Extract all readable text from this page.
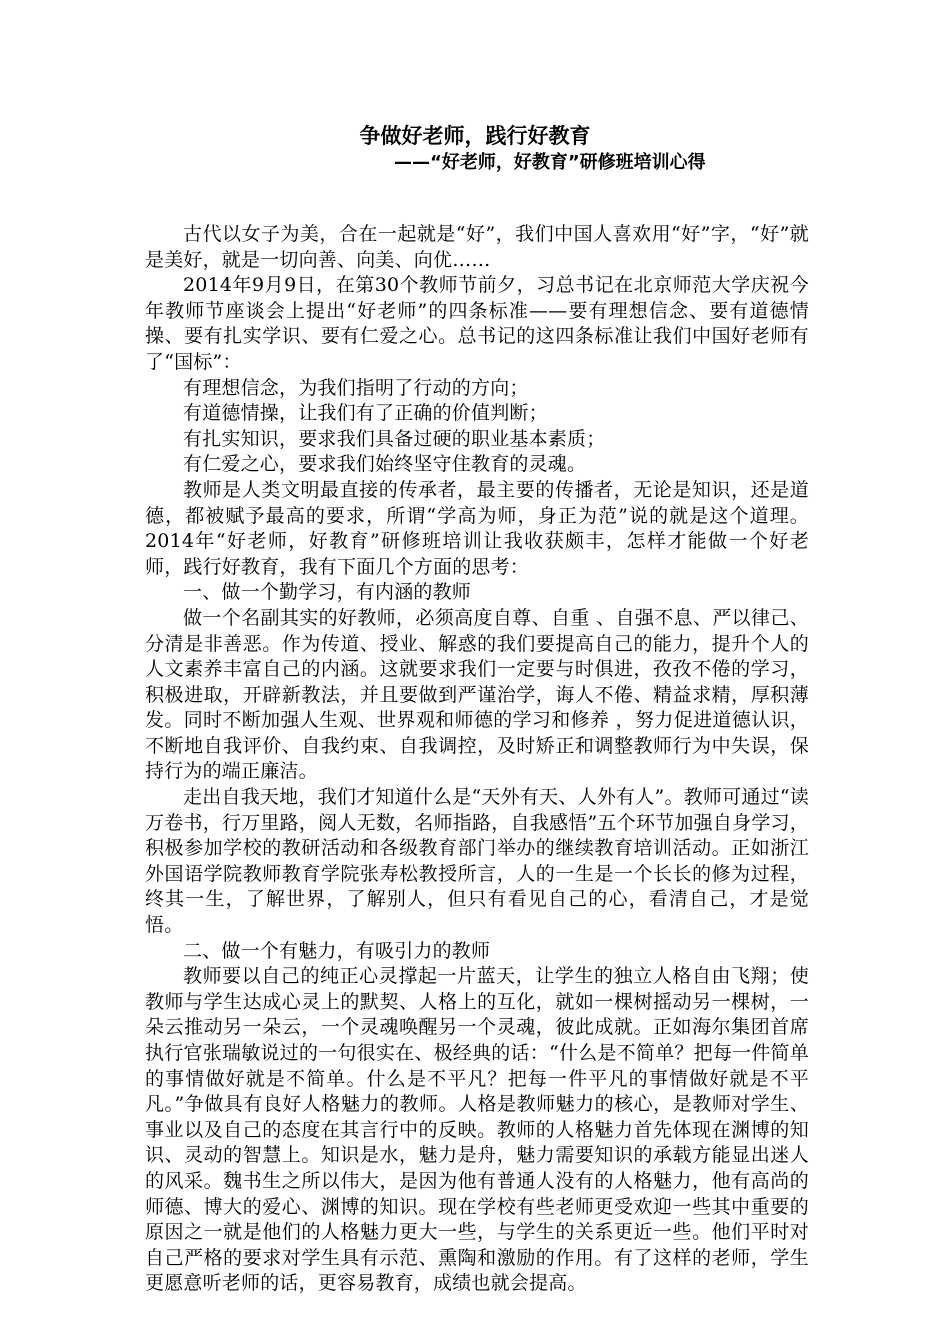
争做好老师，践行好教育
——“好老师，好教育”研修班培训心得

古代以女子为美，合在一起就是“好”，我们中国人喜欢用“好”字，“好”就是美好，就是一切向善、向美、向优……

2014年9月9日，在第30个教师节前夕，习总书记在北京师范大学庆祝今年教师节座谈会上提出“好老师”的四条标准——要有理想信念、要有道德情操、要有扎实学识、要有仁爱之心。总书记的这四条标准让我们中国好老师有了“国标”：

有理想信念，为我们指明了行动的方向；

有道德情操，让我们有了正确的价值判断；

有扎实知识，要求我们具备过硬的职业基本素质；

有仁爱之心，要求我们始终坚守住教育的灵魂。

教师是人类文明最直接的传承者，最主要的传播者，无论是知识，还是道德，都被赋予最高的要求，所谓“学高为师，身正为范”说的就是这个道理。2014年“好老师，好教育”研修班培训让我收获颇丰，怎样才能做一个好老师，践行好教育，我有下面几个方面的思考：

一、做一个勤学习，有内涵的教师

做一个名副其实的好教师，必须高度自尊、自重 、自强不息、严以律己、分清是非善恶。作为传道、授业、解惑的我们要提高自己的能力，提升个人的人文素养丰富自己的内涵。这就要求我们一定要与时俱进，孜孜不倦的学习，积极进取，开辟新教法，并且要做到严谨治学，诲人不倦、精益求精，厚积薄发。同时不断加强人生观、世界观和师德的学习和修养 ，努力促进道德认识，不断地自我评价、自我约束、自我调控，及时矫正和调整教师行为中失误，保持行为的端正廉洁。

走出自我天地，我们才知道什么是“天外有天、人外有人”。教师可通过“读万卷书，行万里路，阅人无数，名师指路，自我感悟”五个环节加强自身学习，积极参加学校的教研活动和各级教育部门举办的继续教育培训活动。正如浙江外国语学院教师教育学院张寿松教授所言，人的一生是一个长长的修为过程，终其一生，了解世界，了解别人，但只有看见自己的心，看清自己，才是觉悟。

二、做一个有魅力，有吸引力的教师

教师要以自己的纯正心灵撑起一片蓝天，让学生的独立人格自由飞翔；使教师与学生达成心灵上的默契、人格上的互化，就如一棵树摇动另一棵树，一朵云推动另一朵云，一个灵魂唤醒另一个灵魂，彼此成就。正如海尔集团首席执行官张瑞敏说过的一句很实在、极经典的话：“什么是不简单？把每一件简单的事情做好就是不简单。什么是不平凡？把每一件平凡的事情做好就是不平凡。”争做具有良好人格魅力的教师。人格是教师魅力的核心，是教师对学生、事业以及自己的态度在其言行中的反映。教师的人格魅力首先体现在渊博的知识、灵动的智慧上。知识是水，魅力是舟，魅力需要知识的承载方能显出迷人的风采。魏书生之所以伟大，是因为他有普通人没有的人格魅力，他有高尚的师德、博大的爱心、渊博的知识。现在学校有些老师更受欢迎一些其中重要的原因之一就是他们的人格魅力更大一些，与学生的关系更近一些。他们平时对自己严格的要求对学生具有示范、熏陶和激励的作用。有了这样的老师，学生更愿意听老师的话，更容易教育，成绩也就会提高。
